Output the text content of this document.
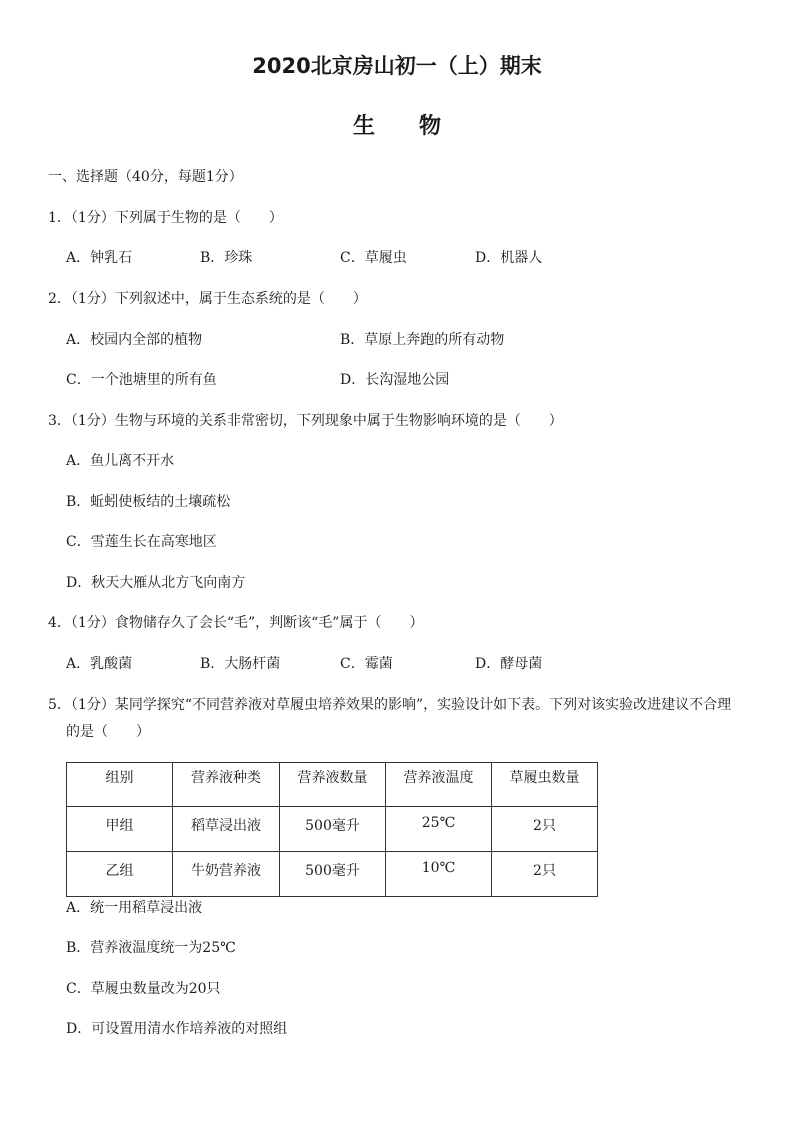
2020北京房山初一（上）期末
生物
一、选择题（40分，每题1分）
1．（1分）下列属于生物的是（　　）
A．钟乳石	B．珍珠	C．草履虫	D．机器人
2．（1分）下列叙述中，属于生态系统的是（　　）
A．校园内全部的植物	B．草原上奔跑的所有动物
C．一个池塘里的所有鱼	D．长沟湿地公园
3．（1分）生物与环境的关系非常密切，下列现象中属于生物影响环境的是（　　）
A．鱼儿离不开水
B．蚯蚓使板结的土壤疏松
C．雪莲生长在高寒地区
D．秋天大雁从北方飞向南方
4．（1分）食物储存久了会长“毛”，判断该“毛”属于（　　）
A．乳酸菌	B．大肠杆菌	C．霉菌	D．酵母菌
5．（1分）某同学探究“不同营养液对草履虫培养效果的影响”，实验设计如下表。下列对该实验改进建议不合理
的是（　　）
组别	营养液种类	营养液数量	营养液温度	草履虫数量
甲组	稻草浸出液	500毫升	25℃	2只
乙组	牛奶营养液	500毫升	10℃	2只
A．统一用稻草浸出液
B．营养液温度统一为25℃
C．草履虫数量改为20只
D．可设置用清水作培养液的对照组
